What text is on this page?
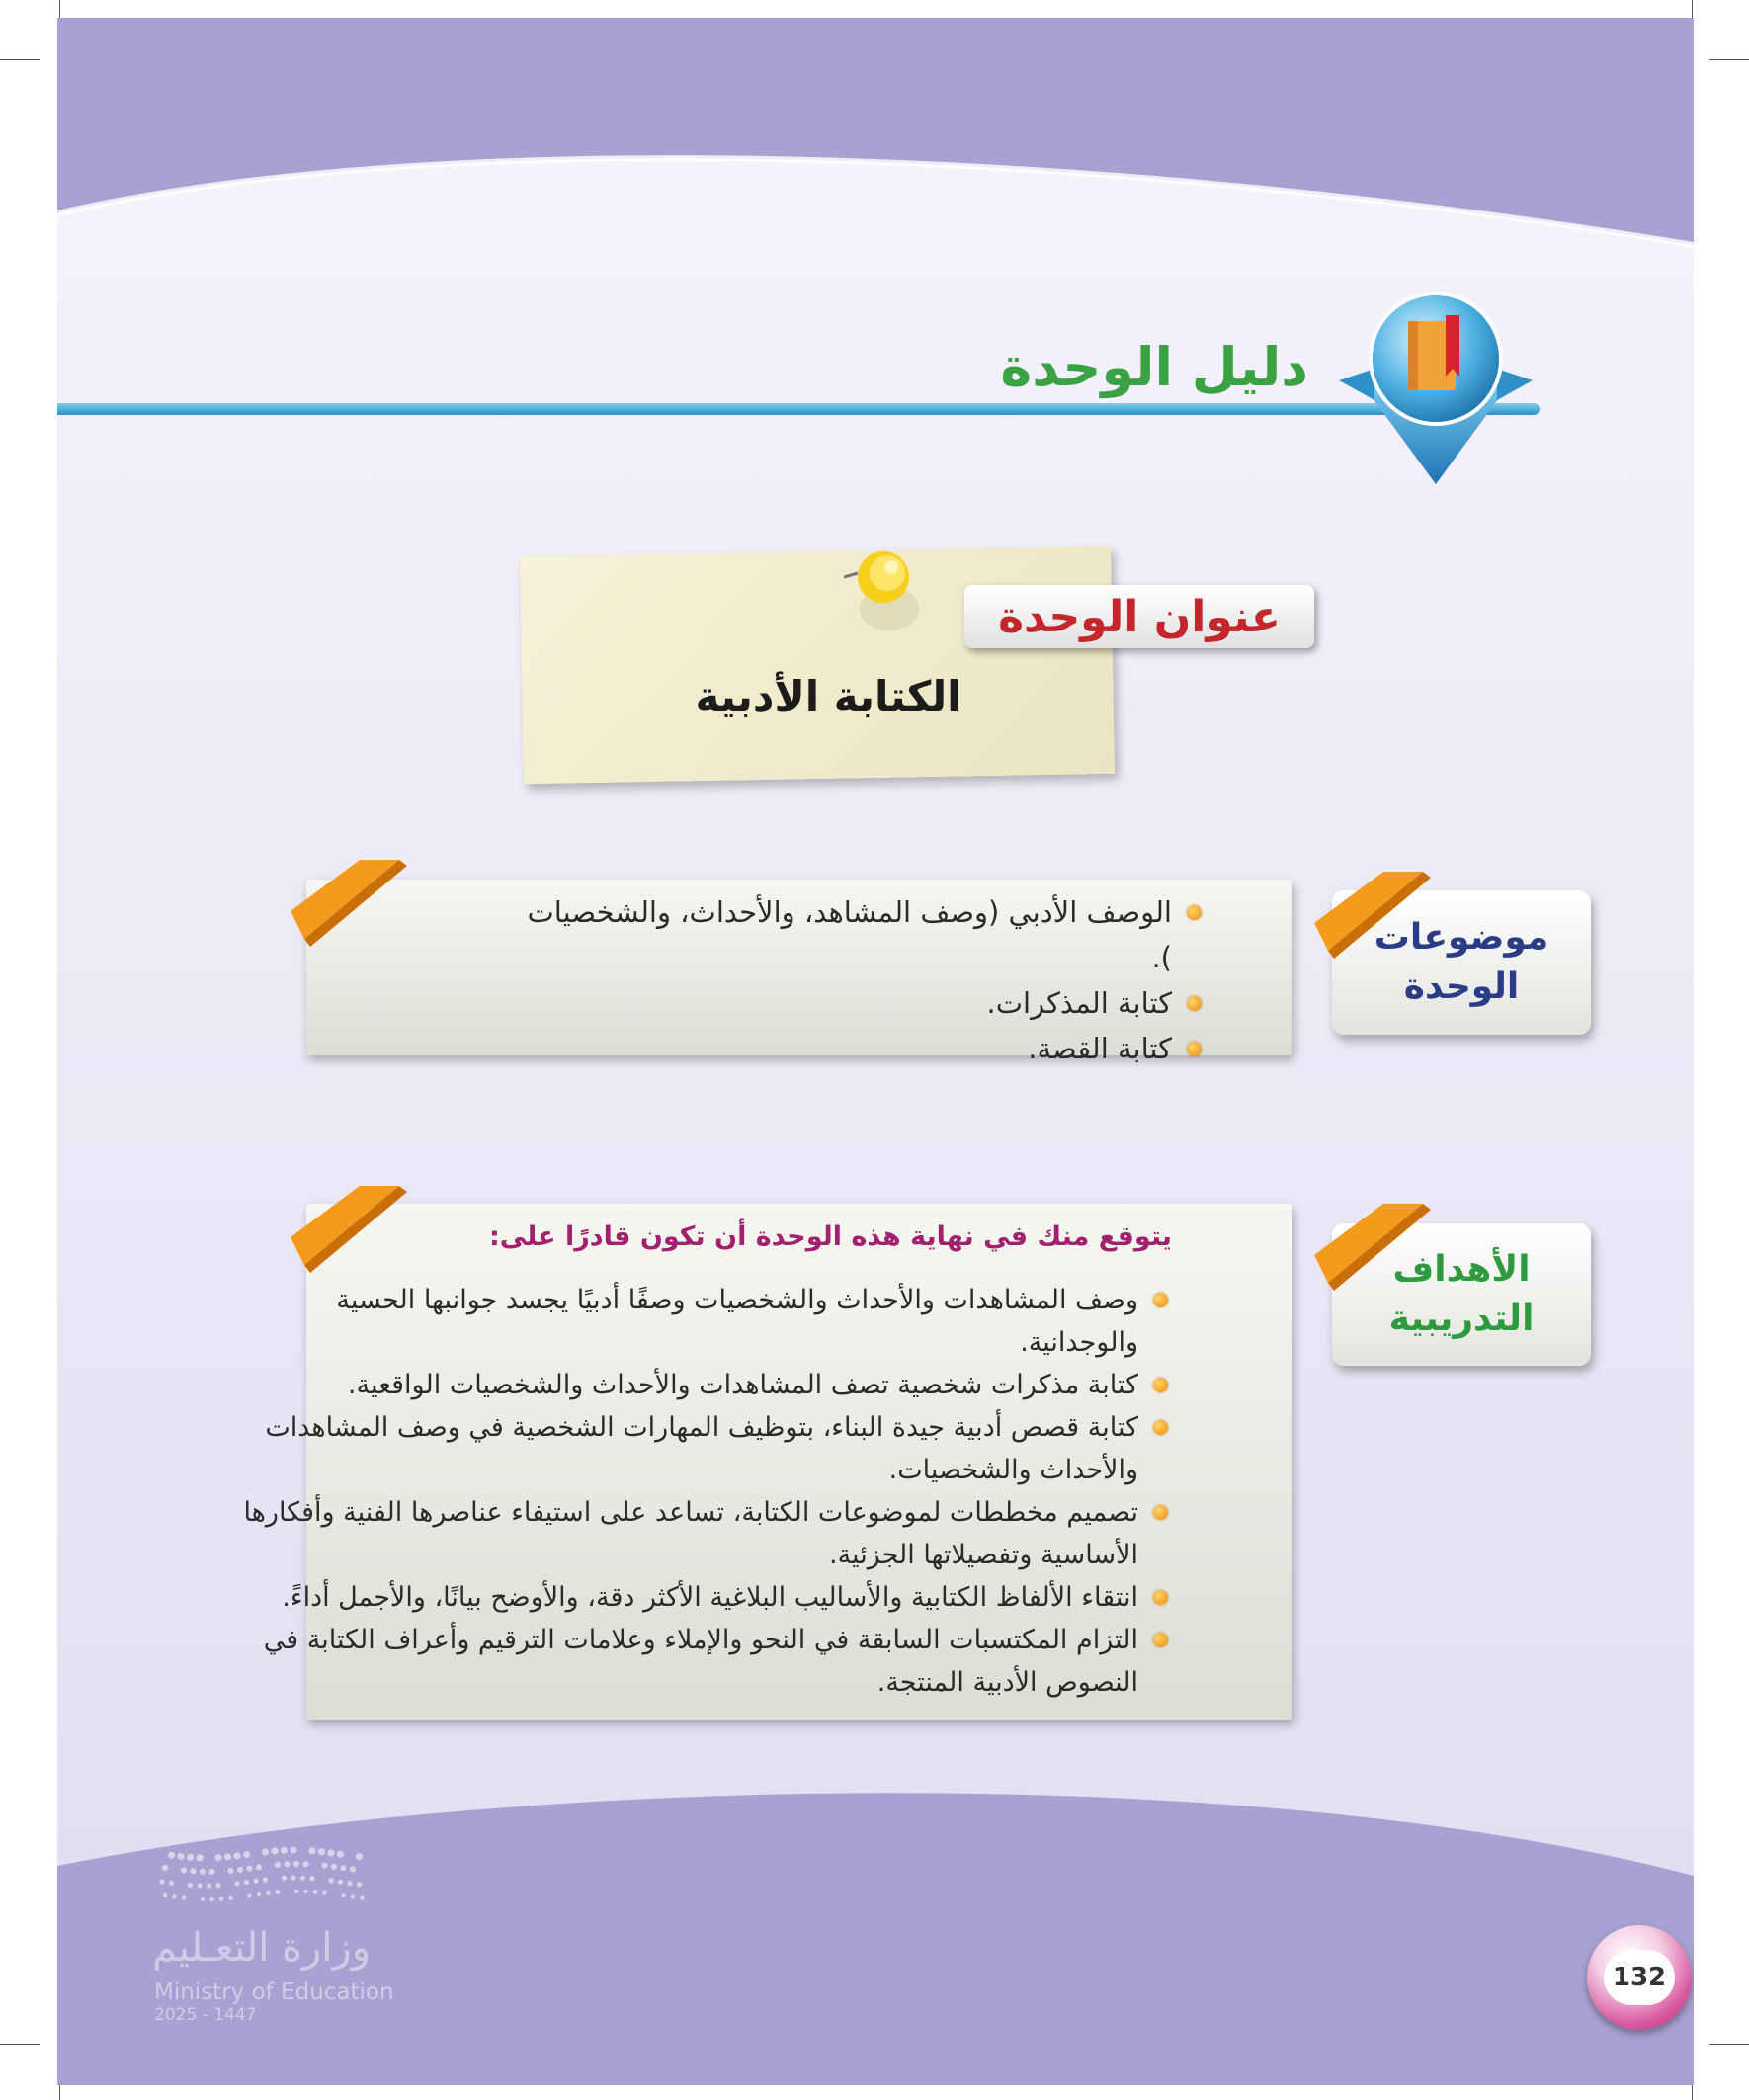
دليل الوحدة
عنوان الوحدة
الكتابة الأدبية
موضوعات
الوحدة
الوصف الأدبي (وصف المشاهد، والأحداث، والشخصيات ).
كتابة المذكرات.
كتابة القصة.
الأهداف
التدريبية
يتوقع منك في نهاية هذه الوحدة أن تكون قادرًا على:
وصف المشاهدات والأحداث والشخصيات وصفًا أدبيًا يجسد جوانبها الحسية والوجدانية.
كتابة مذكرات شخصية تصف المشاهدات والأحداث والشخصيات الواقعية.
كتابة قصص أدبية جيدة البناء، بتوظيف المهارات الشخصية في وصف المشاهدات والأحداث والشخصيات.
تصميم مخططات لموضوعات الكتابة، تساعد على استيفاء عناصرها الفنية وأفكارها الأساسية وتفصيلاتها الجزئية.
انتقاء الألفاظ الكتابية والأساليب البلاغية الأكثر دقة، والأوضح بيانًا، والأجمل أداءً.
التزام المكتسبات السابقة في النحو والإملاء وعلامات الترقيم وأعراف الكتابة في النصوص الأدبية المنتجة.
وزارة التعـليم
Ministry of Education
2025 - 1447
132
